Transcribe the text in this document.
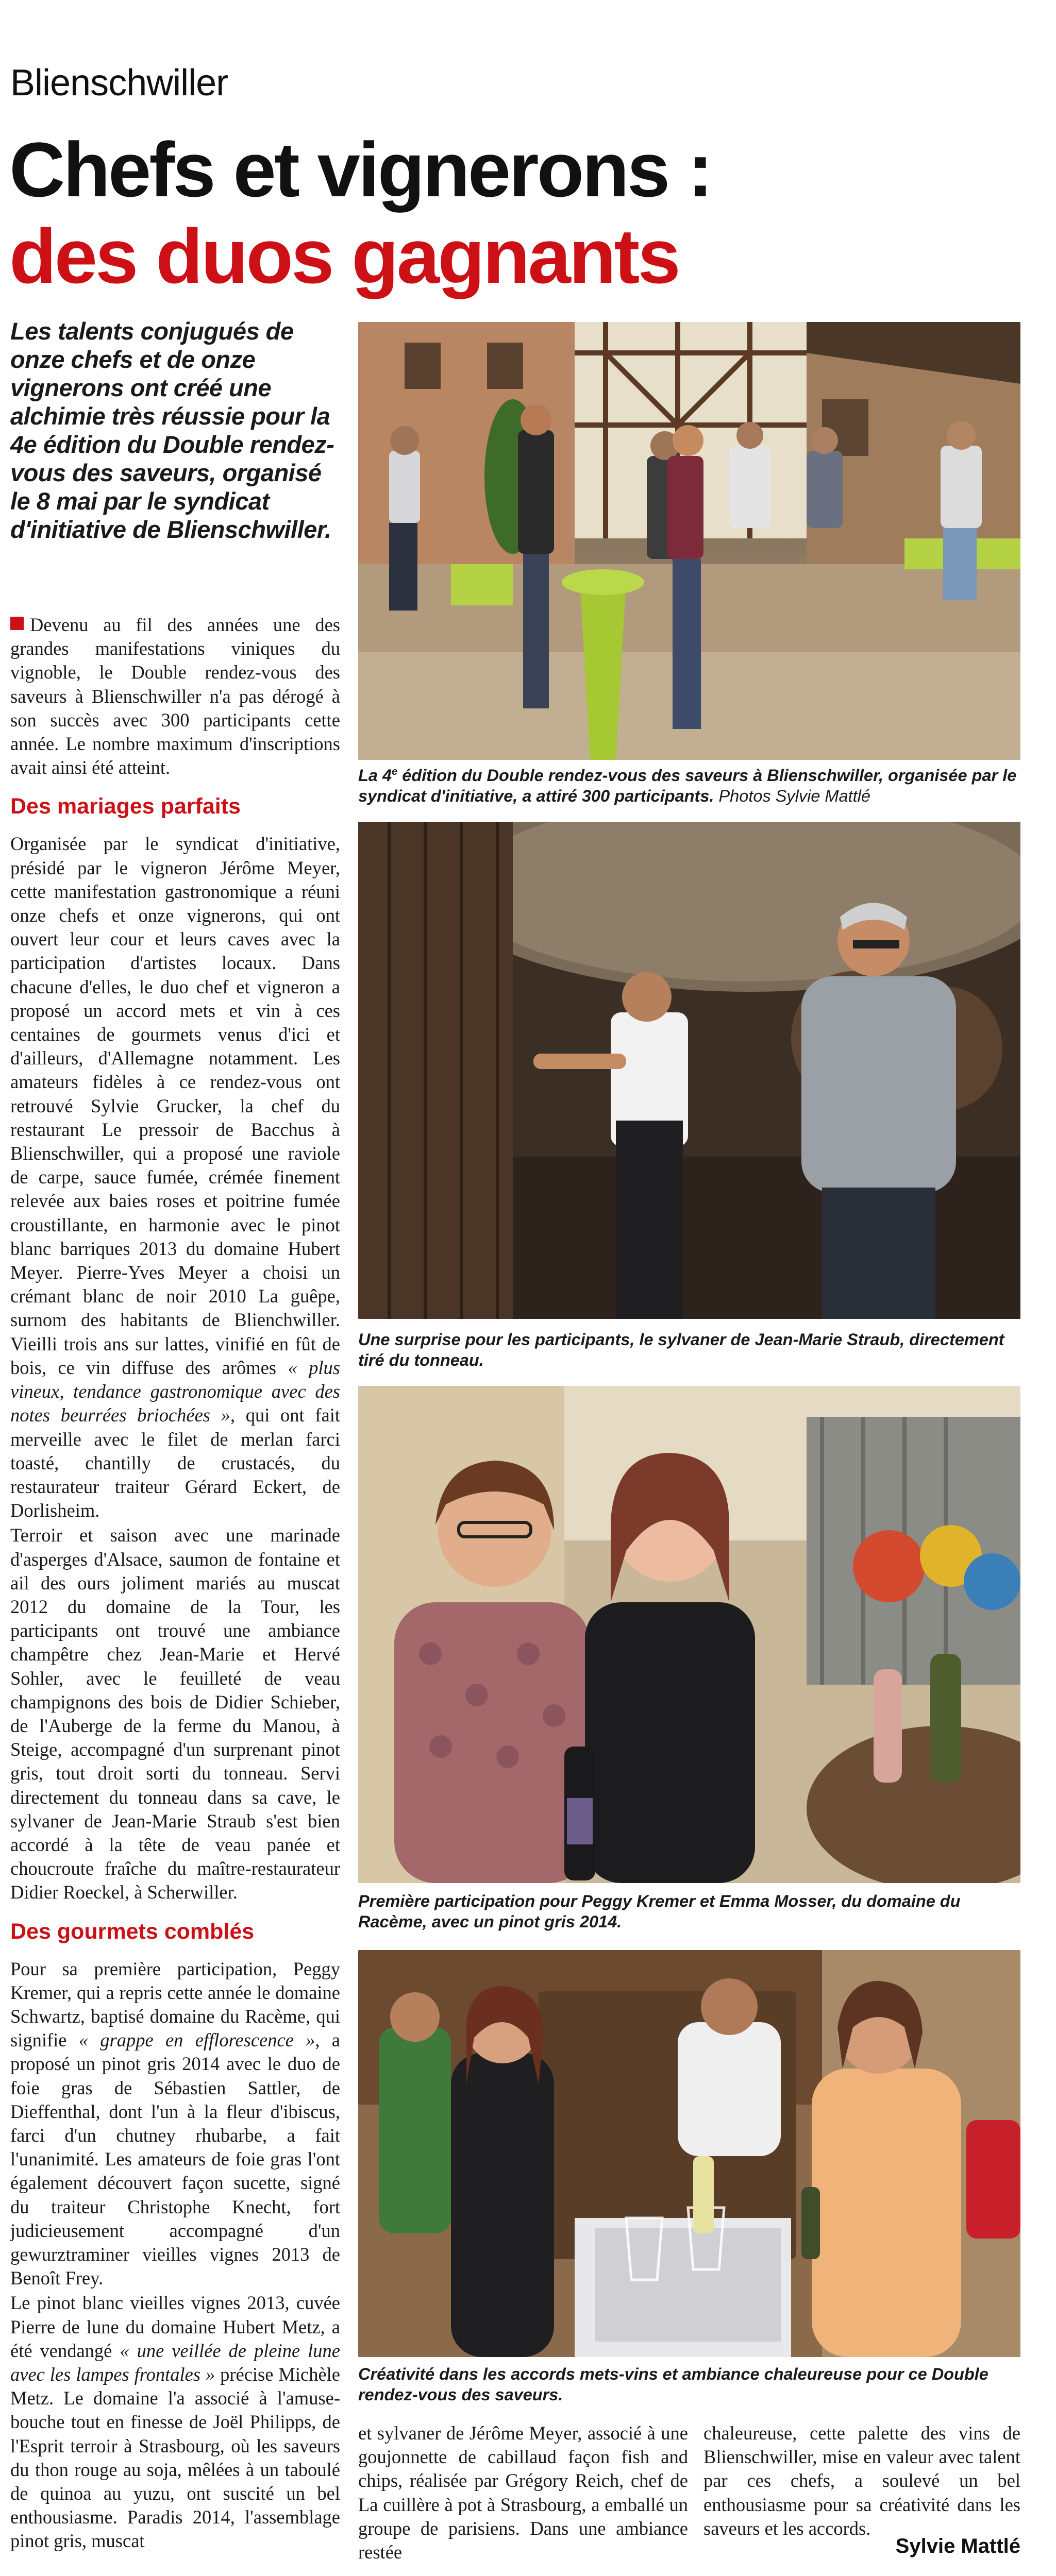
Blienschwiller
Chefs et vignerons :
des duos gagnants
Les talents conjugués de onze chefs et de onze vignerons ont créé une alchimie très réussie pour la 4e édition du Double rendez-vous des saveurs, organisé le 8 mai par le syndicat d'initiative de Blienschwiller.

Devenu au fil des années une des grandes manifestations viniques du vignoble, le Double rendez-vous des saveurs à Blienschwiller n'a pas dérogé à son succès avec 300 participants cette année. Le nombre maximum d'inscriptions avait ainsi été atteint.

Des mariages parfaits

Organisée par le syndicat d'initiative, présidé par le vigneron Jérôme Meyer, cette manifestation gastronomique a réuni onze chefs et onze vignerons, qui ont ouvert leur cour et leurs caves avec la participation d'artistes locaux. Dans chacune d'elles, le duo chef et vigneron a proposé un accord mets et vin à ces centaines de gourmets venus d'ici et d'ailleurs, d'Allemagne notamment. Les amateurs fidèles à ce rendez-vous ont retrouvé Sylvie Grucker, la chef du restaurant Le pressoir de Bacchus à Blienschwiller, qui a proposé une raviole de carpe, sauce fumée, crémée finement relevée aux baies roses et poitrine fumée croustillante, en harmonie avec le pinot blanc barriques 2013 du domaine Hubert Meyer. Pierre-Yves Meyer a choisi un crémant blanc de noir 2010 La guêpe, surnom des habitants de Blienchwiller. Vieilli trois ans sur lattes, vinifié en fût de bois, ce vin diffuse des arômes « plus vineux, tendance gastronomique avec des notes beurrées briochées », qui ont fait merveille avec le filet de merlan farci toasté, chantilly de crustacés, du restaurateur traiteur Gérard Eckert, de Dorlisheim.

Terroir et saison avec une marinade d'asperges d'Alsace, saumon de fontaine et ail des ours joliment mariés au muscat 2012 du domaine de la Tour, les participants ont trouvé une ambiance champêtre chez Jean-Marie et Hervé Sohler, avec le feuilleté de veau champignons des bois de Didier Schieber, de l'Auberge de la ferme du Manou, à Steige, accompagné d'un surprenant pinot gris, tout droit sorti du tonneau. Servi directement du tonneau dans sa cave, le sylvaner de Jean-Marie Straub s'est bien accordé à la tête de veau panée et choucroute fraîche du maître-restaurateur Didier Roeckel, à Scherwiller.

Des gourmets comblés

Pour sa première participation, Peggy Kremer, qui a repris cette année le domaine Schwartz, baptisé domaine du Racème, qui signifie « grappe en efflorescence », a proposé un pinot gris 2014 avec le duo de foie gras de Sébastien Sattler, de Dieffenthal, dont l'un à la fleur d'ibiscus, farci d'un chutney rhubarbe, a fait l'unanimité. Les amateurs de foie gras l'ont également découvert façon sucette, signé du traiteur Christophe Knecht, fort judicieusement accompagné d'un gewurztraminer vieilles vignes 2013 de Benoît Frey.

Le pinot blanc vieilles vignes 2013, cuvée Pierre de lune du domaine Hubert Metz, a été vendangé « une veillée de pleine lune avec les lampes frontales » précise Michèle Metz. Le domaine l'a associé à l'amuse-bouche tout en finesse de Joël Philipps, de l'Esprit terroir à Strasbourg, où les saveurs du thon rouge au soja, mêlées à un taboulé de quinoa au yuzu, ont suscité un bel enthousiasme. Paradis 2014, l'assemblage pinot gris, muscat

et sylvaner de Jérôme Meyer, associé à une goujonnette de cabillaud façon fish and chips, réalisée par Grégory Reich, chef de La cuillère à pot à Strasbourg, a emballé un groupe de parisiens. Dans une ambiance restée

chaleureuse, cette palette des vins de Blienschwiller, mise en valeur avec talent par ces chefs, a soulevé un bel enthousiasme pour sa créativité dans les saveurs et les accords.

Sylvie Mattlé
La 4e édition du Double rendez-vous des saveurs à Blienschwiller, organisée par le syndicat d'initiative, a attiré 300 participants. Photos Sylvie Mattlé
Une surprise pour les participants, le sylvaner de Jean-Marie Straub, directement tiré du tonneau.
Première participation pour Peggy Kremer et Emma Mosser, du domaine du Racème, avec un pinot gris 2014.
Créativité dans les accords mets-vins et ambiance chaleureuse pour ce Double rendez-vous des saveurs.
